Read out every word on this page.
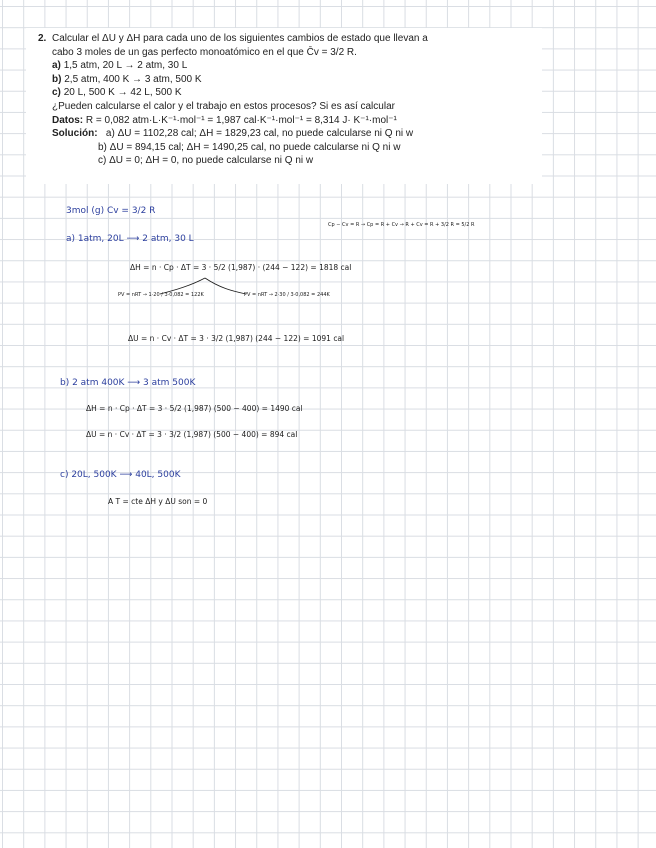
2. Calcular el ΔU y ΔH para cada uno de los siguientes cambios de estado que llevan a
cabo 3 moles de un gas perfecto monoatómico en el que C̄v = 3/2 R.
a) 1,5 atm, 20 L → 2 atm, 30 L
b) 2,5 atm, 400 K → 3 atm, 500 K
c) 20 L, 500 K → 42 L, 500 K
¿Pueden calcularse el calor y el trabajo en estos procesos? Si es así calcular
Datos: R = 0,082 atm·L·K⁻¹·mol⁻¹ = 1,987 cal·K⁻¹·mol⁻¹ = 8,314 J· K⁻¹·mol⁻¹
Solución: a) ΔU = 1102,28 cal; ΔH = 1829,23 cal, no puede calcularse ni Q ni w
b) ΔU = 894,15 cal; ΔH = 1490,25 cal, no puede calcularse ni Q ni w
c) ΔU = 0; ΔH = 0, no puede calcularse ni Q ni w
3mol (g) Cv = 3/2 R
Cp − Cv = R → Cp = R + Cv → R + Cv = R + 3/2 R = 5/2 R
a) 1atm, 20L ⟶ 2 atm, 30 L
ΔH = n · Cp · ΔT = 3 · 5/2 (1,987) · (244 − 122) = 1818 cal
PV = nRT → 1·20 / 3·0,082 = 122K	PV = nRT → 2·30 / 3·0,082 = 244K
ΔU = n · Cv · ΔT = 3 · 3/2 (1,987) (244 − 122) = 1091 cal
b) 2 atm 400K ⟶ 3 atm 500K
ΔH = n · Cp · ΔT = 3 · 5/2 (1,987) (500 − 400) = 1490 cal
ΔU = n · Cv · ΔT = 3 · 3/2 (1,987) (500 − 400) = 894 cal
c) 20L, 500K ⟶ 40L, 500K
A T = cte ΔH y ΔU son = 0
